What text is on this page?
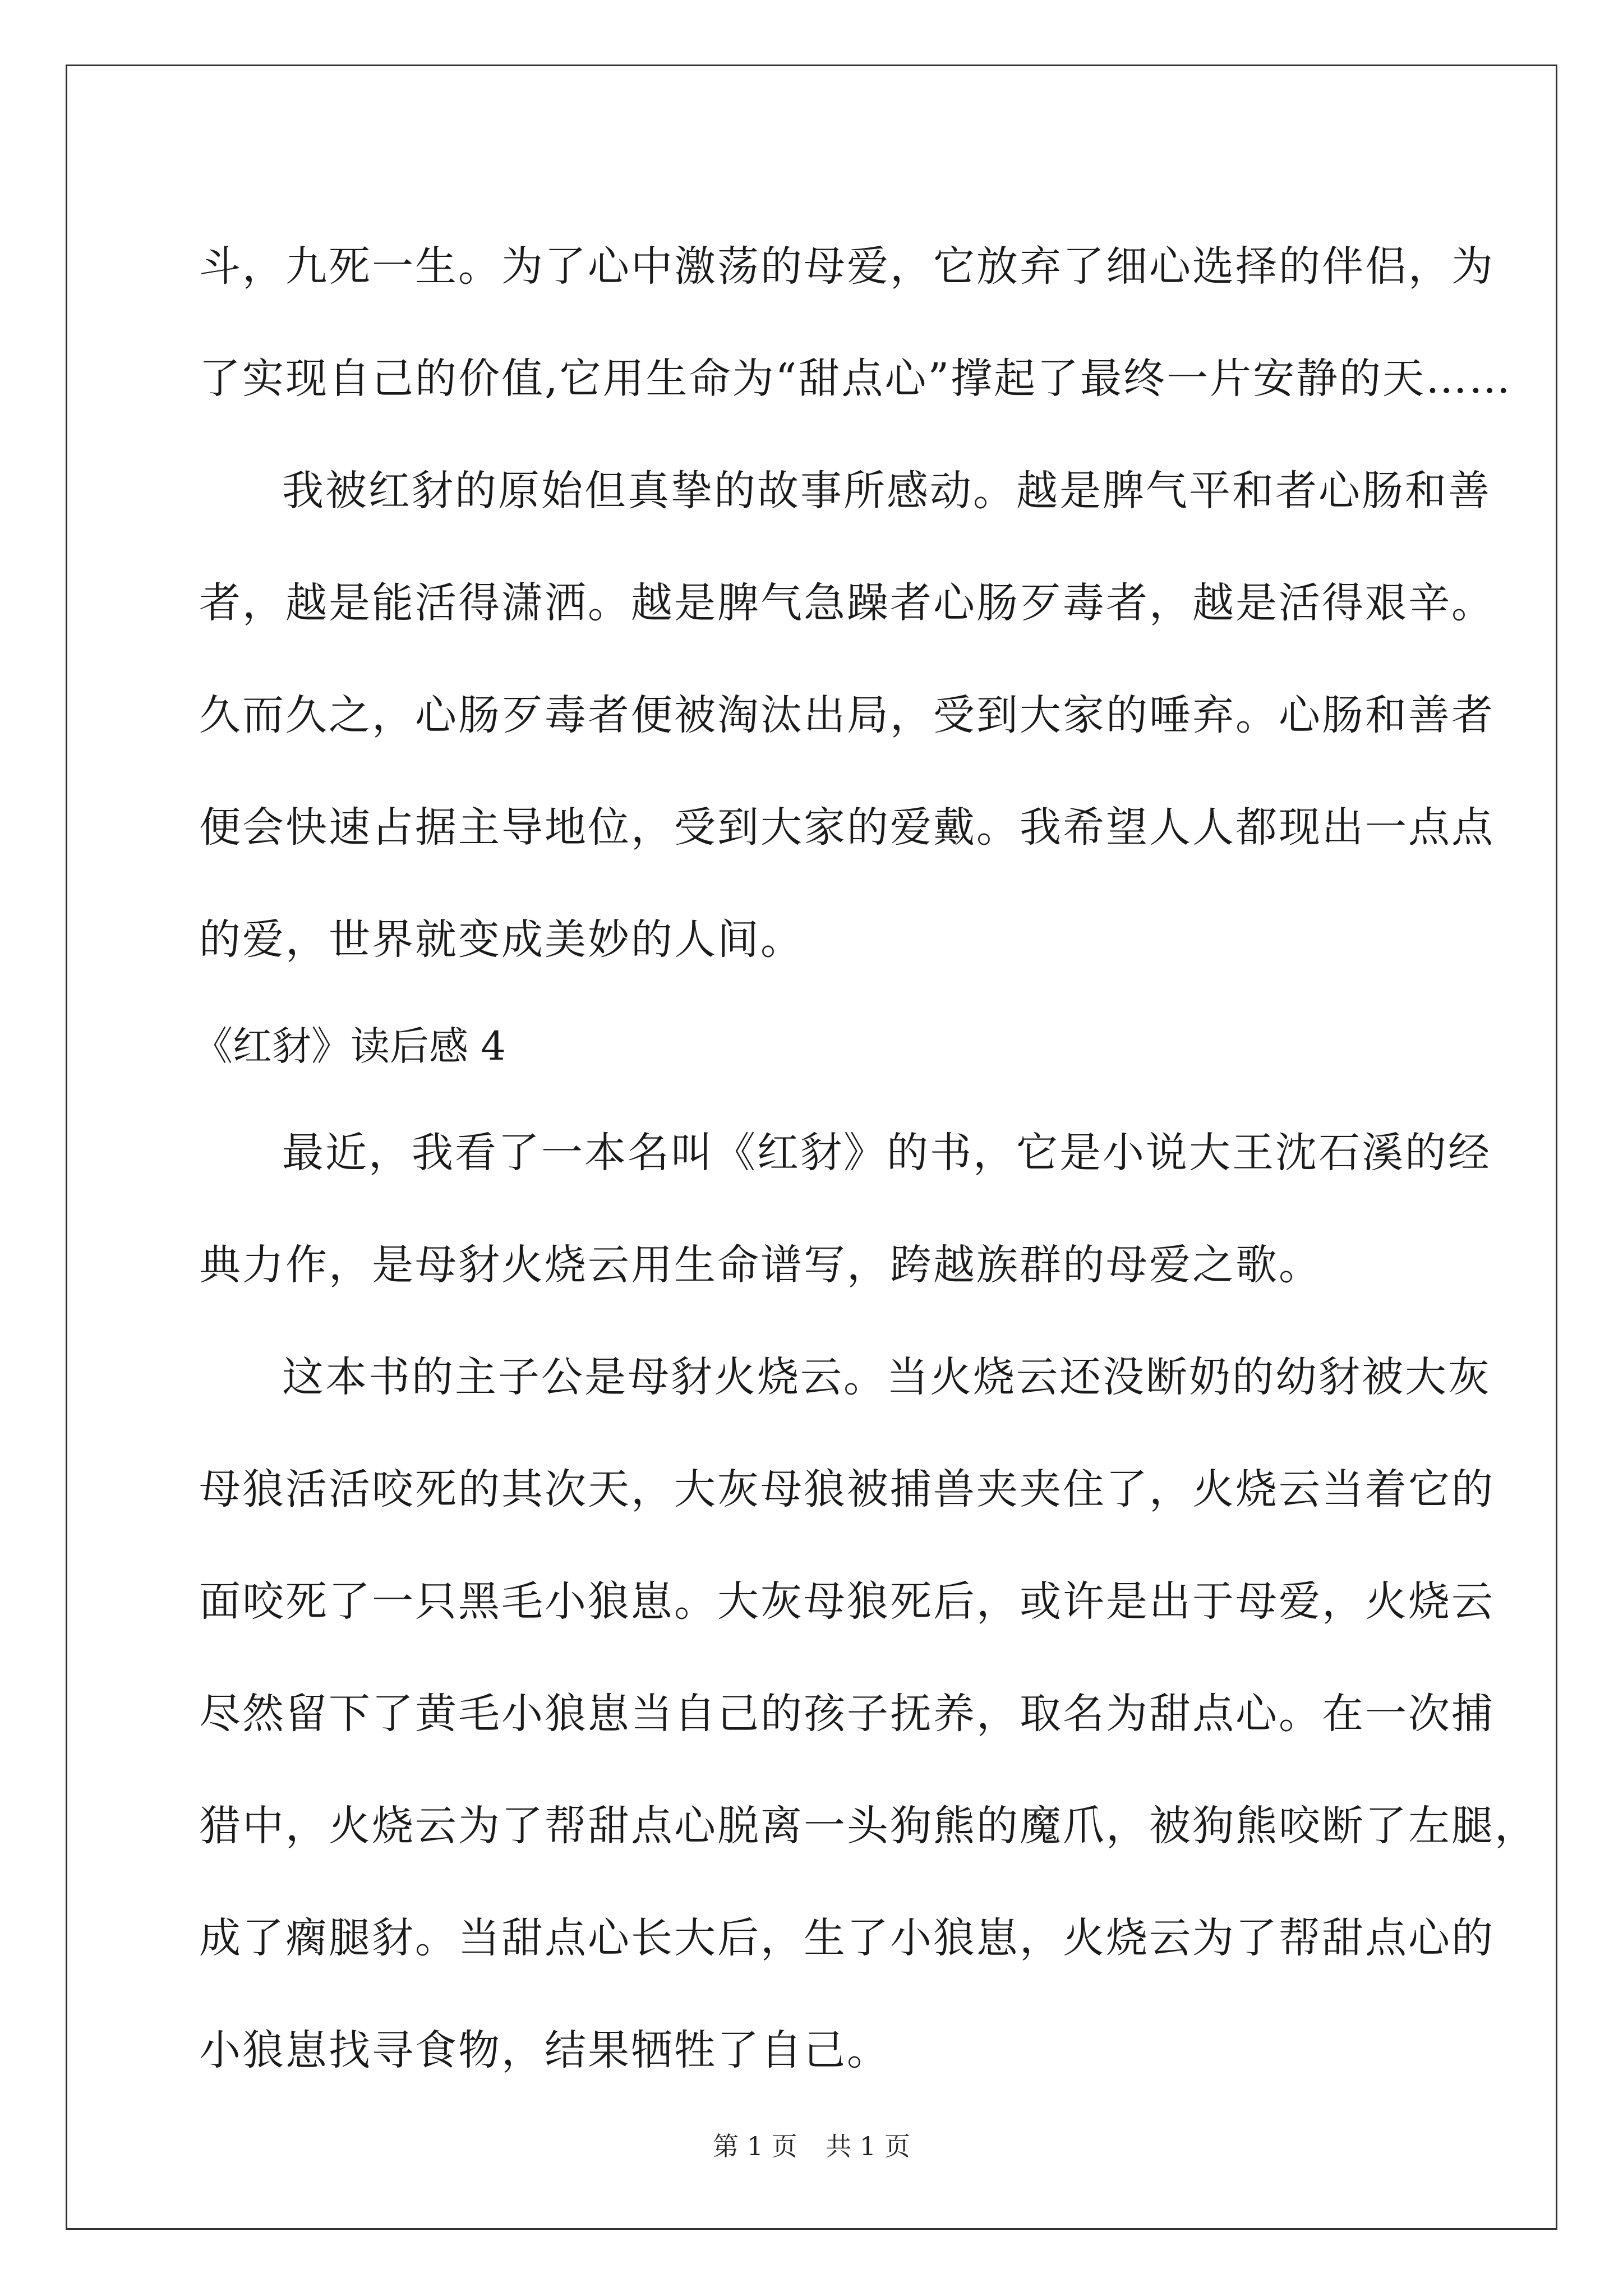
斗，九死一生。为了心中激荡的母爱，它放弃了细心选择的伴侣，为
了实现自己的价值,它用生命为“甜点心”撑起了最终一片安静的天……
我被红豺的原始但真挚的故事所感动。越是脾气平和者心肠和善
者，越是能活得潇洒。越是脾气急躁者心肠歹毒者，越是活得艰辛。
久而久之，心肠歹毒者便被淘汰出局，受到大家的唾弃。心肠和善者
便会快速占据主导地位，受到大家的爱戴。我希望人人都现出一点点
的爱，世界就变成美妙的人间。
《红豺》读后感 4
最近，我看了一本名叫《红豺》的书，它是小说大王沈石溪的经
典力作，是母豺火烧云用生命谱写，跨越族群的母爱之歌。
这本书的主子公是母豺火烧云。当火烧云还没断奶的幼豺被大灰
母狼活活咬死的其次天，大灰母狼被捕兽夹夹住了，火烧云当着它的
面咬死了一只黑毛小狼崽。大灰母狼死后，或许是出于母爱，火烧云
尽然留下了黄毛小狼崽当自己的孩子抚养，取名为甜点心。在一次捕
猎中，火烧云为了帮甜点心脱离一头狗熊的魔爪，被狗熊咬断了左腿，
成了瘸腿豺。当甜点心长大后，生了小狼崽，火烧云为了帮甜点心的
小狼崽找寻食物，结果牺牲了自己。
第 1 页 共 1 页
